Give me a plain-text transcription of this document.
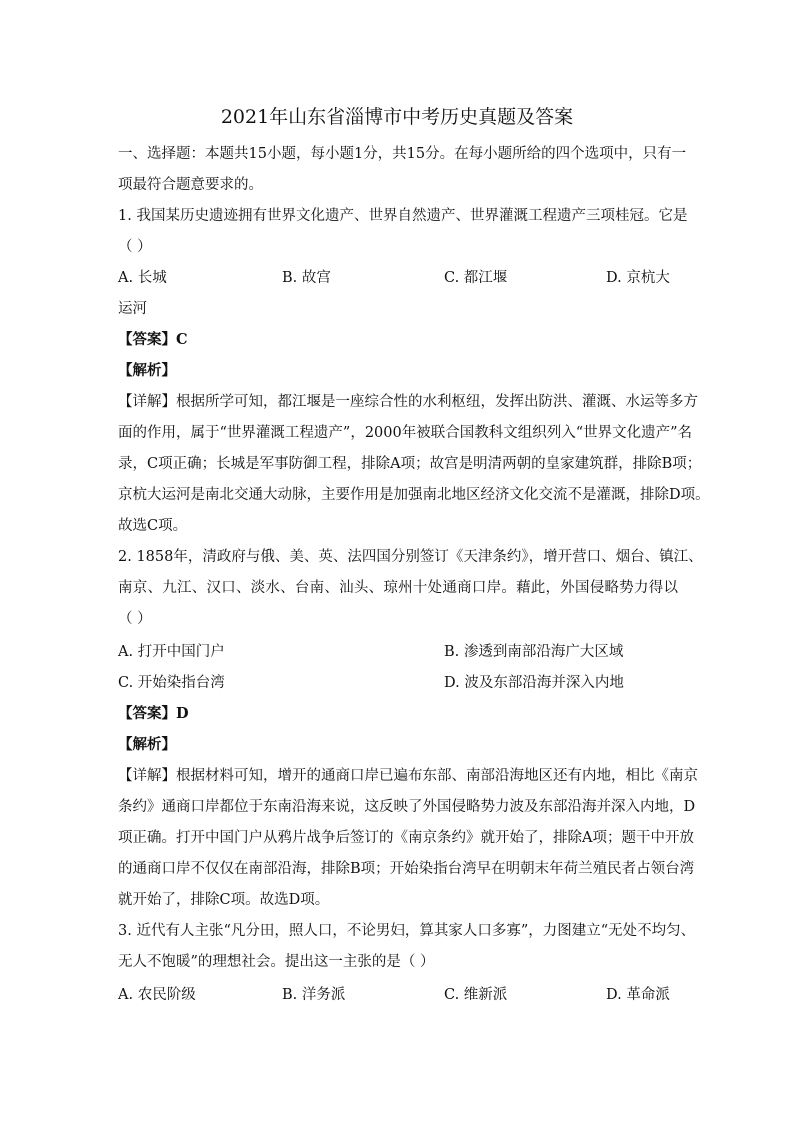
2021年山东省淄博市中考历史真题及答案
一、选择题：本题共15小题，每小题1分，共15分。在每小题所给的四个选项中，只有一
项最符合题意要求的。
1. 我国某历史遗迹拥有世界文化遗产、世界自然遗产、世界灌溉工程遗产三项桂冠。它是
（ ）
A. 长城	B. 故宫	C. 都江堰	D. 京杭大
运河
【答案】C
【解析】
【详解】根据所学可知，都江堰是一座综合性的水利枢纽，发挥出防洪、灌溉、水运等多方
面的作用，属于“世界灌溉工程遗产”，2000年被联合国教科文组织列入“世界文化遗产”名
录，C项正确；长城是军事防御工程，排除A项；故宫是明清两朝的皇家建筑群，排除B项；
京杭大运河是南北交通大动脉，主要作用是加强南北地区经济文化交流不是灌溉，排除D项。
故选C项。
2. 1858年，清政府与俄、美、英、法四国分别签订《天津条约》，增开营口、烟台、镇江、
南京、九江、汉口、淡水、台南、汕头、琼州十处通商口岸。藉此，外国侵略势力得以
（ ）
A. 打开中国门户	B. 渗透到南部沿海广大区域
C. 开始染指台湾	D. 波及东部沿海并深入内地
【答案】D
【解析】
【详解】根据材料可知，增开的通商口岸已遍布东部、南部沿海地区还有内地，相比《南京
条约》通商口岸都位于东南沿海来说，这反映了外国侵略势力波及东部沿海并深入内地，D
项正确。打开中国门户从鸦片战争后签订的《南京条约》就开始了，排除A项；题干中开放
的通商口岸不仅仅在南部沿海，排除B项；开始染指台湾早在明朝末年荷兰殖民者占领台湾
就开始了，排除C项。故选D项。
3. 近代有人主张“凡分田，照人口，不论男妇，算其家人口多寡”，力图建立“无处不均匀、
无人不饱暖”的理想社会。提出这一主张的是（ ）
A. 农民阶级	B. 洋务派	C. 维新派	D. 革命派
